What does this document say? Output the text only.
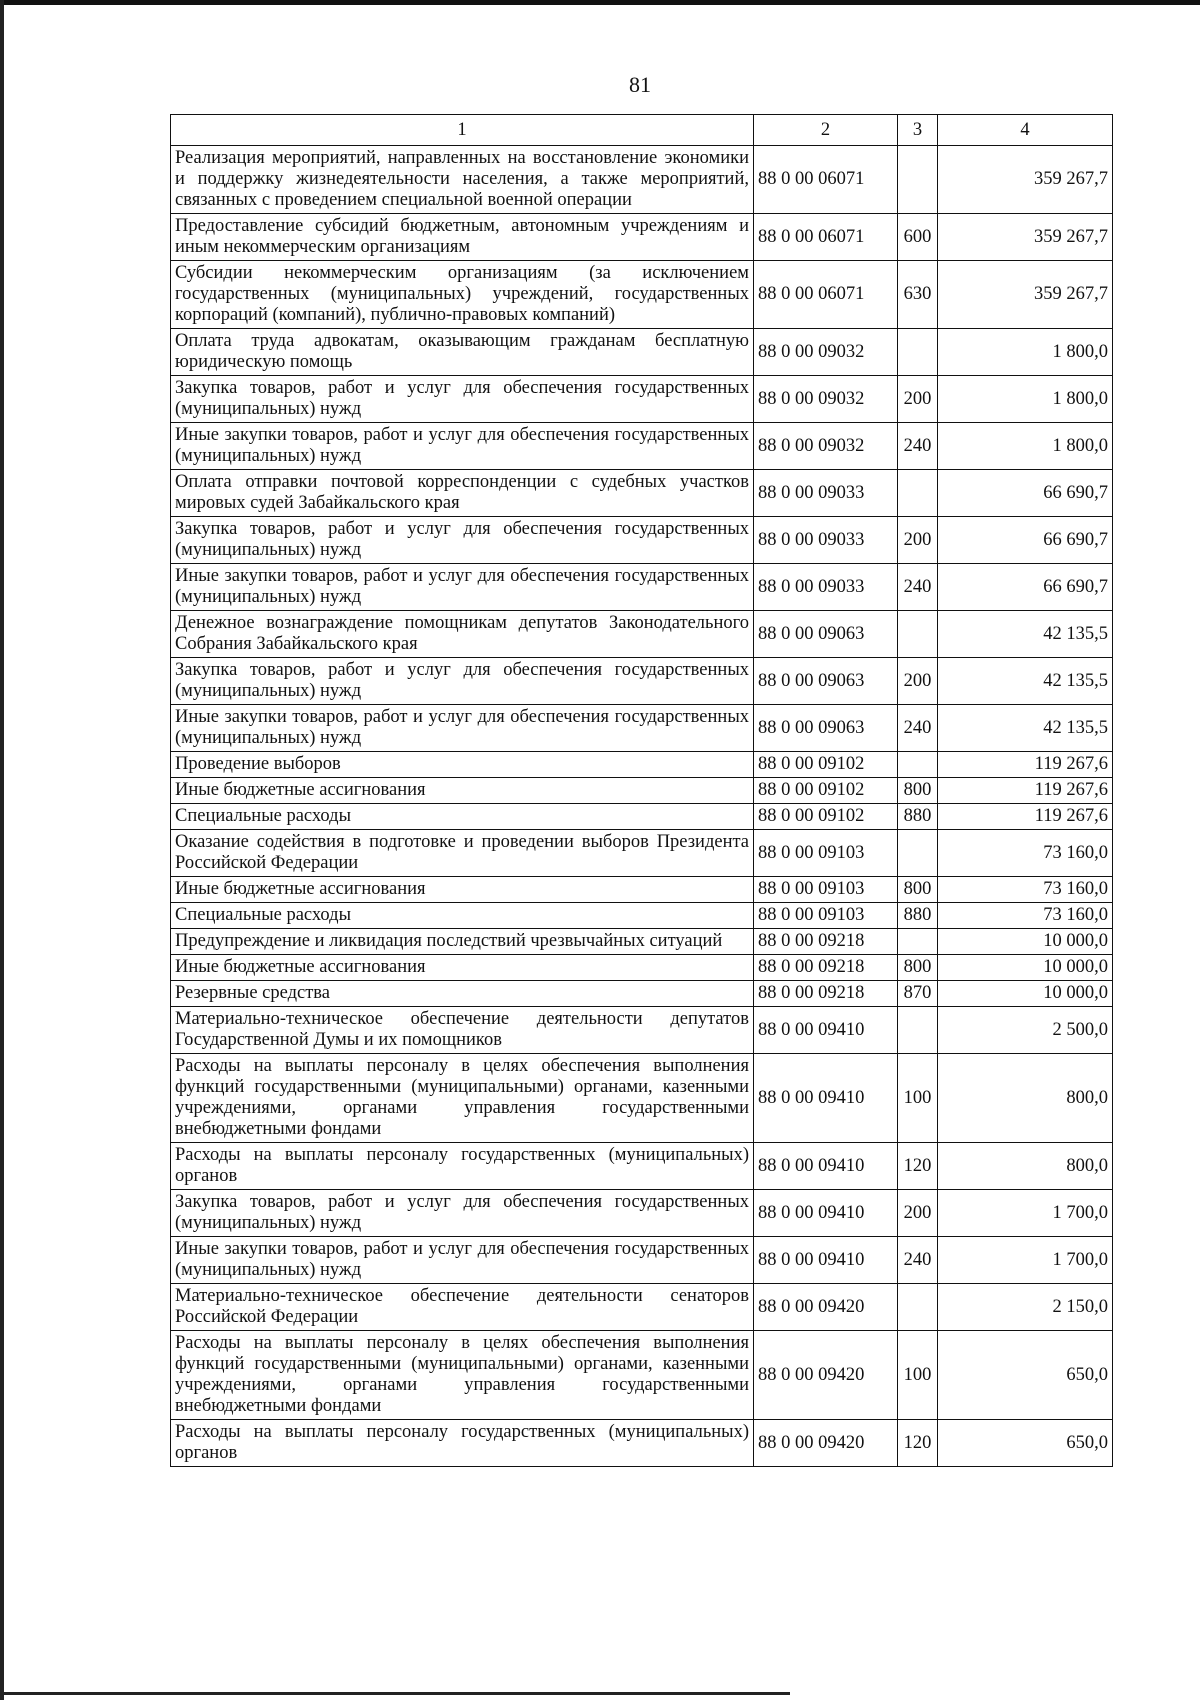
81
1	2	3	4
Реализация мероприятий, направленных на восстановление экономики и поддержку жизнедеятельности населения, а также мероприятий, связанных с проведением специальной военной операции	88 0 00 06071		359 267,7
Предоставление субсидий бюджетным, автономным учреждениям и иным некоммерческим организациям	88 0 00 06071	600	359 267,7
Субсидии некоммерческим организациям (за исключением государственных (муниципальных) учреждений, государственных корпораций (компаний), публично-правовых компаний)	88 0 00 06071	630	359 267,7
Оплата труда адвокатам, оказывающим гражданам бесплатную юридическую помощь	88 0 00 09032		1 800,0
Закупка товаров, работ и услуг для обеспечения государственных (муниципальных) нужд	88 0 00 09032	200	1 800,0
Иные закупки товаров, работ и услуг для обеспечения государственных (муниципальных) нужд	88 0 00 09032	240	1 800,0
Оплата отправки почтовой корреспонденции с судебных участков мировых судей Забайкальского края	88 0 00 09033		66 690,7
Закупка товаров, работ и услуг для обеспечения государственных (муниципальных) нужд	88 0 00 09033	200	66 690,7
Иные закупки товаров, работ и услуг для обеспечения государственных (муниципальных) нужд	88 0 00 09033	240	66 690,7
Денежное вознаграждение помощникам депутатов Законодательного Собрания Забайкальского края	88 0 00 09063		42 135,5
Закупка товаров, работ и услуг для обеспечения государственных (муниципальных) нужд	88 0 00 09063	200	42 135,5
Иные закупки товаров, работ и услуг для обеспечения государственных (муниципальных) нужд	88 0 00 09063	240	42 135,5
Проведение выборов	88 0 00 09102		119 267,6
Иные бюджетные ассигнования	88 0 00 09102	800	119 267,6
Специальные расходы	88 0 00 09102	880	119 267,6
Оказание содействия в подготовке и проведении выборов Президента Российской Федерации	88 0 00 09103		73 160,0
Иные бюджетные ассигнования	88 0 00 09103	800	73 160,0
Специальные расходы	88 0 00 09103	880	73 160,0
Предупреждение и ликвидация последствий чрезвычайных ситуаций	88 0 00 09218		10 000,0
Иные бюджетные ассигнования	88 0 00 09218	800	10 000,0
Резервные средства	88 0 00 09218	870	10 000,0
Материально-техническое обеспечение деятельности депутатов Государственной Думы и их помощников	88 0 00 09410		2 500,0
Расходы на выплаты персоналу в целях обеспечения выполнения функций государственными (муниципальными) органами, казенными учреждениями, органами управления государственными внебюджетными фондами	88 0 00 09410	100	800,0
Расходы на выплаты персоналу государственных (муниципальных) органов	88 0 00 09410	120	800,0
Закупка товаров, работ и услуг для обеспечения государственных (муниципальных) нужд	88 0 00 09410	200	1 700,0
Иные закупки товаров, работ и услуг для обеспечения государственных (муниципальных) нужд	88 0 00 09410	240	1 700,0
Материально-техническое обеспечение деятельности сенаторов Российской Федерации	88 0 00 09420		2 150,0
Расходы на выплаты персоналу в целях обеспечения выполнения функций государственными (муниципальными) органами, казенными учреждениями, органами управления государственными внебюджетными фондами	88 0 00 09420	100	650,0
Расходы на выплаты персоналу государственных (муниципальных) органов	88 0 00 09420	120	650,0
